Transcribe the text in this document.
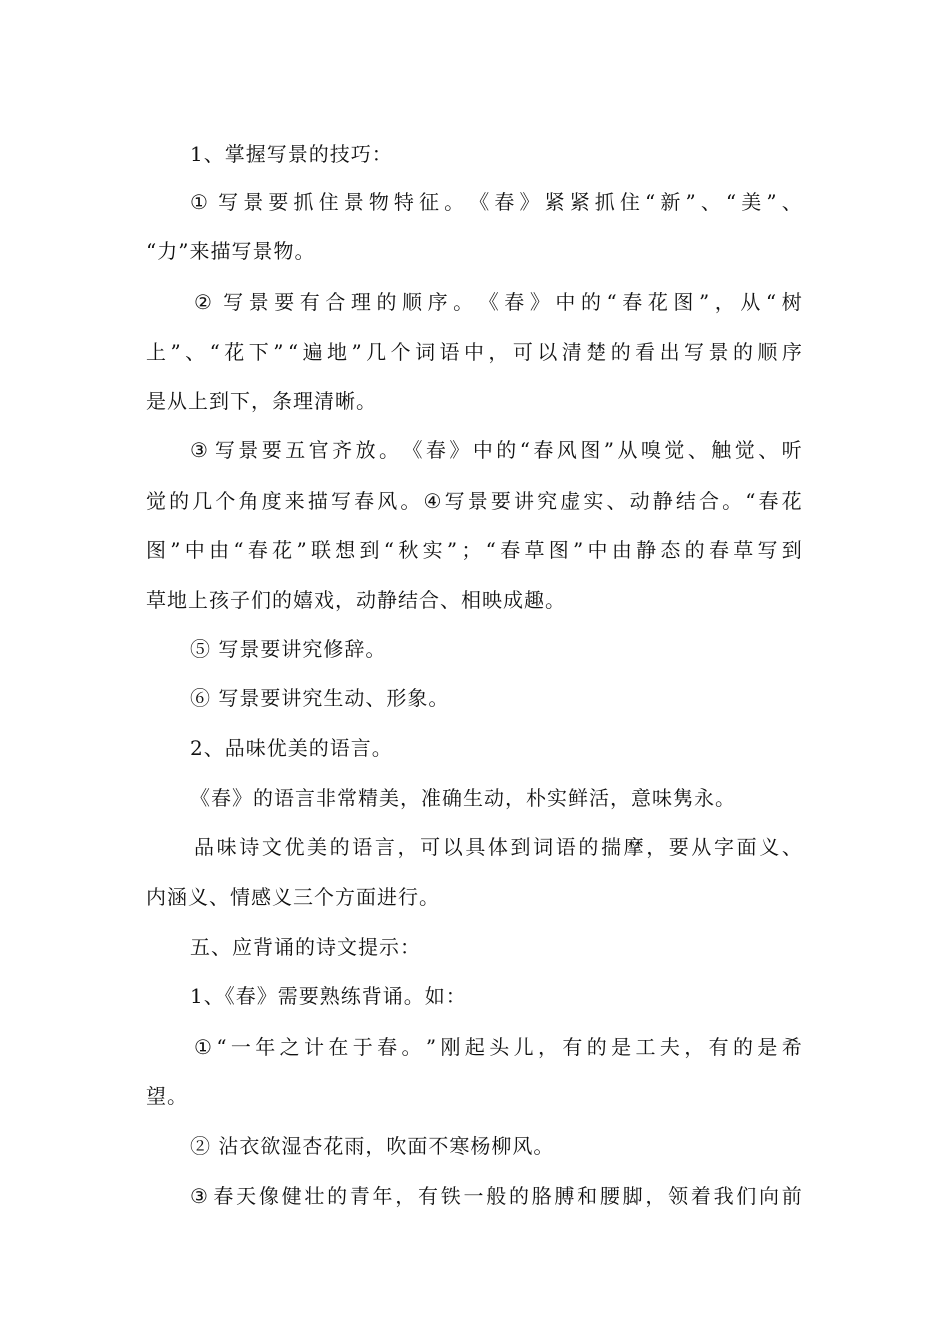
1、掌握写景的技巧：
① 写 景 要 抓 住 景 物 特 征 。 《 春 》 紧 紧 抓 住 “ 新 ” 、 “ 美 ” 、
“力”来描写景物。
② 写 景 要 有 合 理 的 顺 序 。 《 春 》 中 的 “ 春 花 图 ” ， 从 “ 树
上 ” 、 “ 花 下 ” “ 遍 地 ” 几 个 词 语 中 ， 可 以 清 楚 的 看 出 写 景 的 顺 序
是从上到下，条理清晰。
③ 写 景 要 五 官 齐 放 。 《 春 》 中 的 “ 春 风 图 ” 从 嗅 觉 、 触 觉 、 听
觉 的 几 个 角 度 来 描 写 春 风 。 ④ 写 景 要 讲 究 虚 实 、 动 静 结 合 。 “ 春 花
图 ” 中 由 “ 春 花 ” 联 想 到 “ 秋 实 ” ； “ 春 草 图 ” 中 由 静 态 的 春 草 写 到
草地上孩子们的嬉戏，动静结合、相映成趣。
⑤ 写景要讲究修辞。
⑥ 写景要讲究生动、形象。
2、品味优美的语言。
《春》的语言非常精美，准确生动，朴实鲜活，意味隽永。
品 味 诗 文 优 美 的 语 言 ， 可 以 具 体 到 词 语 的 揣 摩 ， 要 从 字 面 义 、
内涵义、情感义三个方面进行。
五、应背诵的诗文提示：
1、《春》需要熟练背诵。如：
① “ 一 年 之 计 在 于 春 。 ” 刚 起 头 儿 ， 有 的 是 工 夫 ， 有 的 是 希
望。
② 沾衣欲湿杏花雨，吹面不寒杨柳风。
③ 春 天 像 健 壮 的 青 年 ， 有 铁 一 般 的 胳 膊 和 腰 脚 ， 领 着 我 们 向 前
